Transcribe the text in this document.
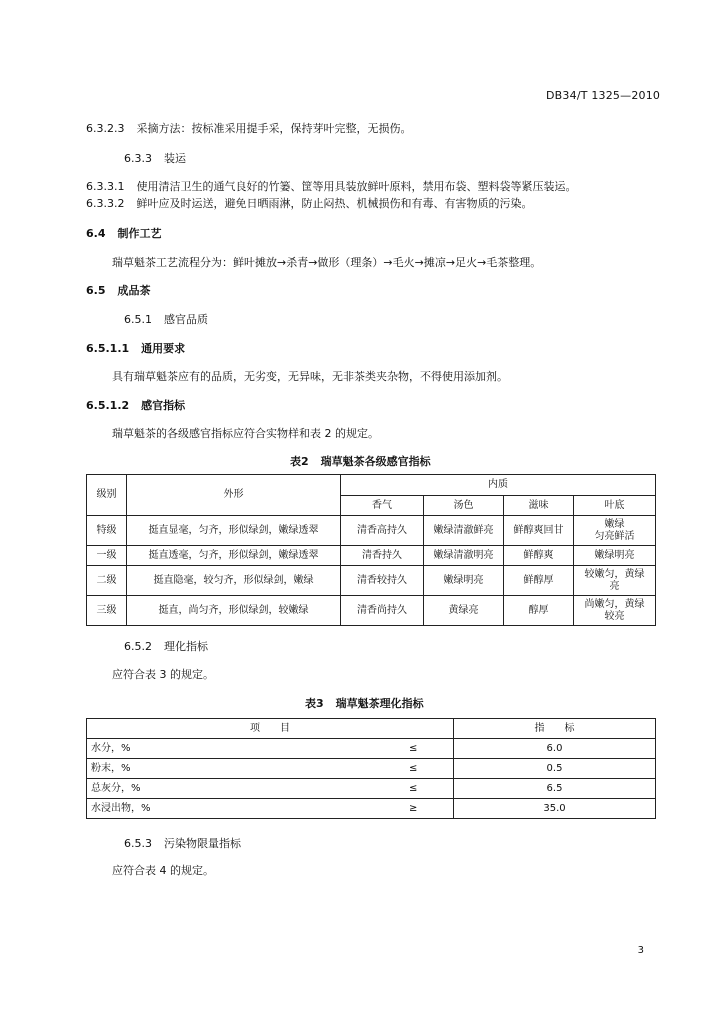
DB34/T 1325—2010
6.3.2.3 采摘方法：按标准采用提手采，保持芽叶完整，无损伤。
6.3.3 装运
6.3.3.1 使用清洁卫生的通气良好的竹篓、筐等用具装放鲜叶原料，禁用布袋、塑料袋等紧压装运。
6.3.3.2 鲜叶应及时运送，避免日晒雨淋，防止闷热、机械损伤和有毒、有害物质的污染。
6.4 制作工艺
瑞草魁茶工艺流程分为：鲜叶摊放→杀青→做形（理条）→毛火→摊凉→足火→毛茶整理。
6.5 成品茶
6.5.1 感官品质
6.5.1.1 通用要求
具有瑞草魁茶应有的品质，无劣变，无异味，无非茶类夹杂物，不得使用添加剂。
6.5.1.2 感官指标
瑞草魁茶的各级感官指标应符合实物样和表 2 的规定。
表2 瑞草魁茶各级感官指标
级别	外形	内质			
		香气	汤色	滋味	叶底
特级	挺直显毫，匀齐，形似绿剑，嫩绿透翠	清香高持久	嫩绿清澈鲜亮	鲜醇爽回甘	嫩绿
匀亮鲜活

一级	挺直透毫，匀齐，形似绿剑，嫩绿透翠	清香持久	嫩绿清澈明亮	鲜醇爽	嫩绿明亮
二级	挺直隐毫，较匀齐，形似绿剑，嫩绿	清香较持久	嫩绿明亮	鲜醇厚	较嫩匀，黄绿
亮

三级	挺直，尚匀齐，形似绿剑，较嫩绿	清香尚持久	黄绿亮	醇厚	尚嫩匀，黄绿
较亮
6.5.2 理化指标
应符合表 3 的规定。
表3 瑞草魁茶理化指标
项　　目		指　　标
水分，%	≤	6.0
粉末，%	≤	0.5
总灰分，%	≤	6.5
水浸出物，%	≥	35.0
6.5.3 污染物限量指标
应符合表 4 的规定。
3
